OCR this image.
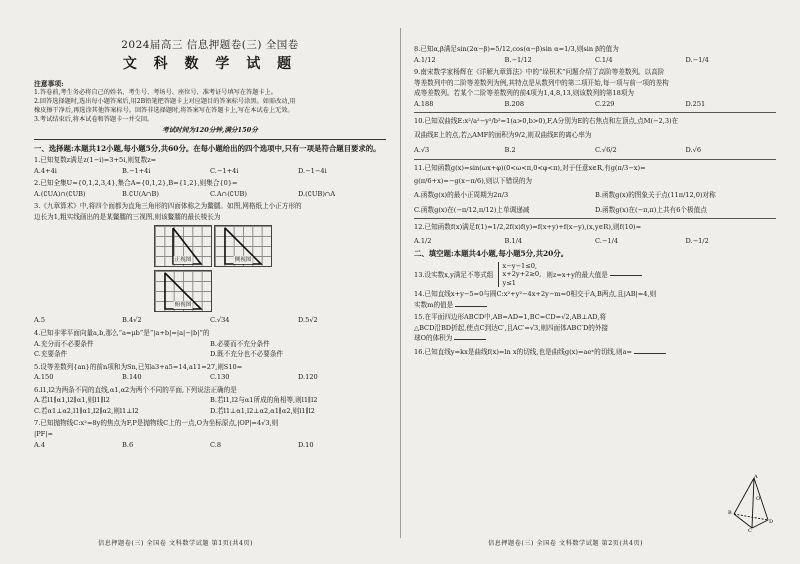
2024届高三 信息押题卷(三) 全国卷
文 科 数 学 试 题
注意事项:
1.答卷前,考生务必将自己的姓名、考生号、考场号、座位号、准考证号填写在答题卡上。
2.回答选择题时,选出每小题答案后,用2B铅笔把答题卡上对应题目的答案标号涂黑。如需改动,用
橡皮擦干净后,再选涂其他答案标号。回答非选择题时,将答案写在答题卡上,写在本试卷上无效。
3.考试结束后,将本试卷和答题卡一并交回。
考试时间为120分钟,满分150分
一、选择题:本题共12小题,每小题5分,共60分。在每小题给出的四个选项中,只有一项是符合题目要求的。
1.已知复数z满足z(1−i)=3+5i,则复数z=
A.4+4i	B.−1+4i	C.−1+4i	D.−1−4i
2.已知全集U={0,1,2,3,4},集合A={0,1,2},B={1,2},则集合{0}=
A.(∁UA)∩(∁UB)	B.∁U(A∩B)	C.A∩(∁UB)	D.(∁UB)∩A
3.《九章算术》中,将四个面都为直角三角形的四面体称之为鳖臑。如图,网格纸上小正方形的
边长为1,粗实线画出的是某鳖臑的三视图,则该鳖臑的最长棱长为
正视图	侧视图
俯视图
A.5	B.4√2	C.√34	D.5√2
4.已知非零平面向量a,b,那么“a=μb”是“|a+b|=|a|−|b|”的
A.充分而不必要条件	B.必要而不充分条件
C.充要条件	D.既不充分也不必要条件
5.设等差数列{an}的前n项和为Sn,已知a3+a5=14,a11=27,则S10=
A.150	B.140	C.130	D.120
6.l1,l2为两条不同的直线,α1,α2为两个不同的平面,下列说法正确的是
A.若l1∥α1,l2∥α1,则l1∥l2	B.若l1,l2与α1所成的角相等,则l1∥l2
C.若α1⊥α2,l1∥α1,l2∥α2,则l1⊥l2	D.若l1⊥α1,l2⊥α2,α1∥α2,则l1∥l2
7.已知抛物线C:x²=8y的焦点为F,P是抛物线C上的一点,O为坐标原点,|OP|=4√3,则
|PF|=
A.4	B.6	C.8	D.10
8.已知α,β满足sin(2α−β)=5/12,cos(α−β)sin α=1/3,则sin β的值为
A.1/12	B.−1/12	C.1/4	D.−1/4
9.南宋数学家杨辉在《详解九章算法》中的“垛积术”问题介绍了高阶等差数列。以高阶
等差数列中的二阶等差数列为例,其特点是从数列中的第二项开始,每一项与前一项的差构
成等差数列。若某个二阶等差数列的前4项为1,4,8,13,则该数列的第18项为
A.188	B.208	C.229	D.251
10.已知双曲线E:x²/a²−y²/b²=1(a>0,b>0),F,A分别为E的右焦点和左顶点,点M(−2,3)在
双曲线E上的点,若△AMF的面积为9/2,则双曲线E的离心率为
A.√3	B.2	C.√6/2	D.√6
11.已知函数g(x)=sin(ωx+φ)(0<ω<π,0<φ<π),对于任意x∈R,有g(π/3−x)=
g(π/6+x)=−g(x−π/6),则以下错误的为
A.函数g(x)的最小正周期为2π/3	B.函数g(x)的图象关于点(11π/12,0)对称
C.函数g(x)在(−π/12,π/12)上单调递减	D.函数g(x)在(−π,π)上共有6个极值点
12.已知函数f(x)满足f(1)=1/2,2f(x)f(y)=f(x+y)+f(x−y),(x,y∈R),则f(10)=
A.1/2	B.1/4	C.−1/4	D.−1/2
二、填空题:本题共4小题,每小题5分,共20分。
13.设实数x,y满足不等式组
x−y−1≤0,
x+2y+2≥0,
y≤1
则z=x+y的最大值是
14.已知直线x+y−5=0与圆C:x²+y²−4x+2y−m=0相交于A,B两点,且|AB|=4,则
实数m的值是
15.在平面四边形ABCD中,AB=AD=1,BC=CD=√2,AB⊥AD,将
△BCD沿BD折起,使点C到达C′,且AC′=√3,则四面体ABC′D的外接
球O的体积为
16.已知直线y=kx是曲线f(x)=ln x的切线,也是曲线g(x)=aeˣ的切线,则a=
A
B
D
C
O
信息押题卷(三) 全国卷 文科数学试题 第1页(共4页)	信息押题卷(三) 全国卷 文科数学试题 第2页(共4页)
